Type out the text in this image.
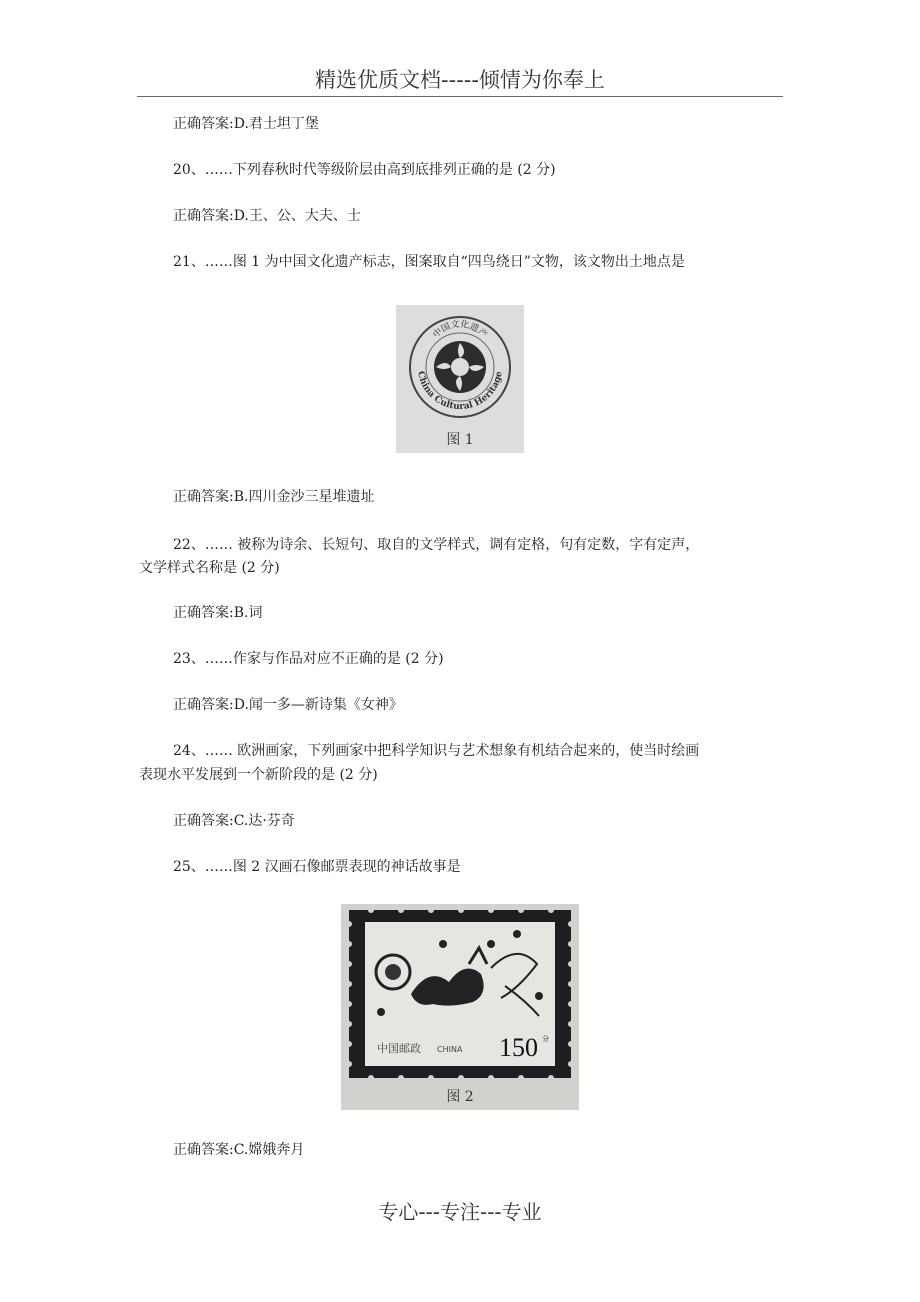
精选优质文档-----倾情为你奉上
正确答案:D.君士坦丁堡
20、……下列春秋时代等级阶层由高到底排列正确的是 (2 分)
正确答案:D.王、公、大夫、士
21、……图 1 为中国文化遗产标志，图案取自“四鸟绕日”文物，该文物出土地点是
中国文化遗产
China Cultural Heritage
图 1
正确答案:B.四川金沙三星堆遗址
22、…… 被称为诗余、长短句、取自的文学样式，调有定格，句有定数，字有定声，
文学样式名称是 (2 分)
正确答案:B.词
23、……作家与作品对应不正确的是 (2 分)
正确答案:D.闻一多—新诗集《女神》
24、…… 欧洲画家，下列画家中把科学知识与艺术想象有机结合起来的，使当时绘画
表现水平发展到一个新阶段的是 (2 分)
正确答案:C.达·芬奇
25、……图 2 汉画石像邮票表现的神话故事是
中国邮政 CHINA 150 分
图 2
正确答案:C.嫦娥奔月
专心---专注---专业
